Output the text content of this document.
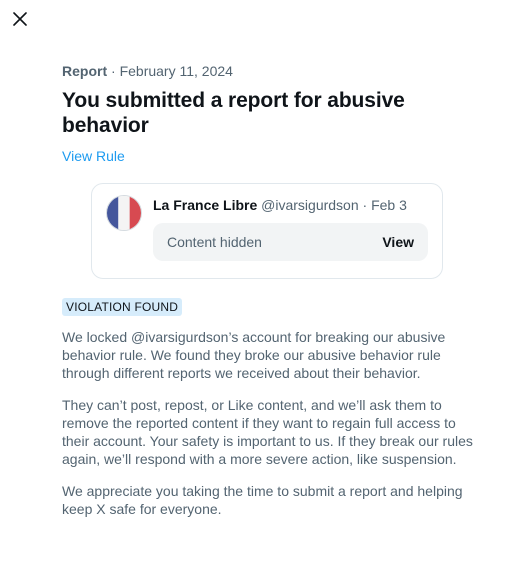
Report · February 11, 2024
You submitted a report for abusive behavior
View Rule
La France Libre @ivarsigurdson · Feb 3
Content hidden	View
VIOLATION FOUND

We locked @ivarsigurdson’s account for breaking our abusive behavior rule. We found they broke our abusive behavior rule through different reports we received about their behavior.

They can’t post, repost, or Like content, and we’ll ask them to remove the reported content if they want to regain full access to their account. Your safety is important to us. If they break our rules again, we’ll respond with a more severe action, like suspension.

We appreciate you taking the time to submit a report and helping keep X safe for everyone.
